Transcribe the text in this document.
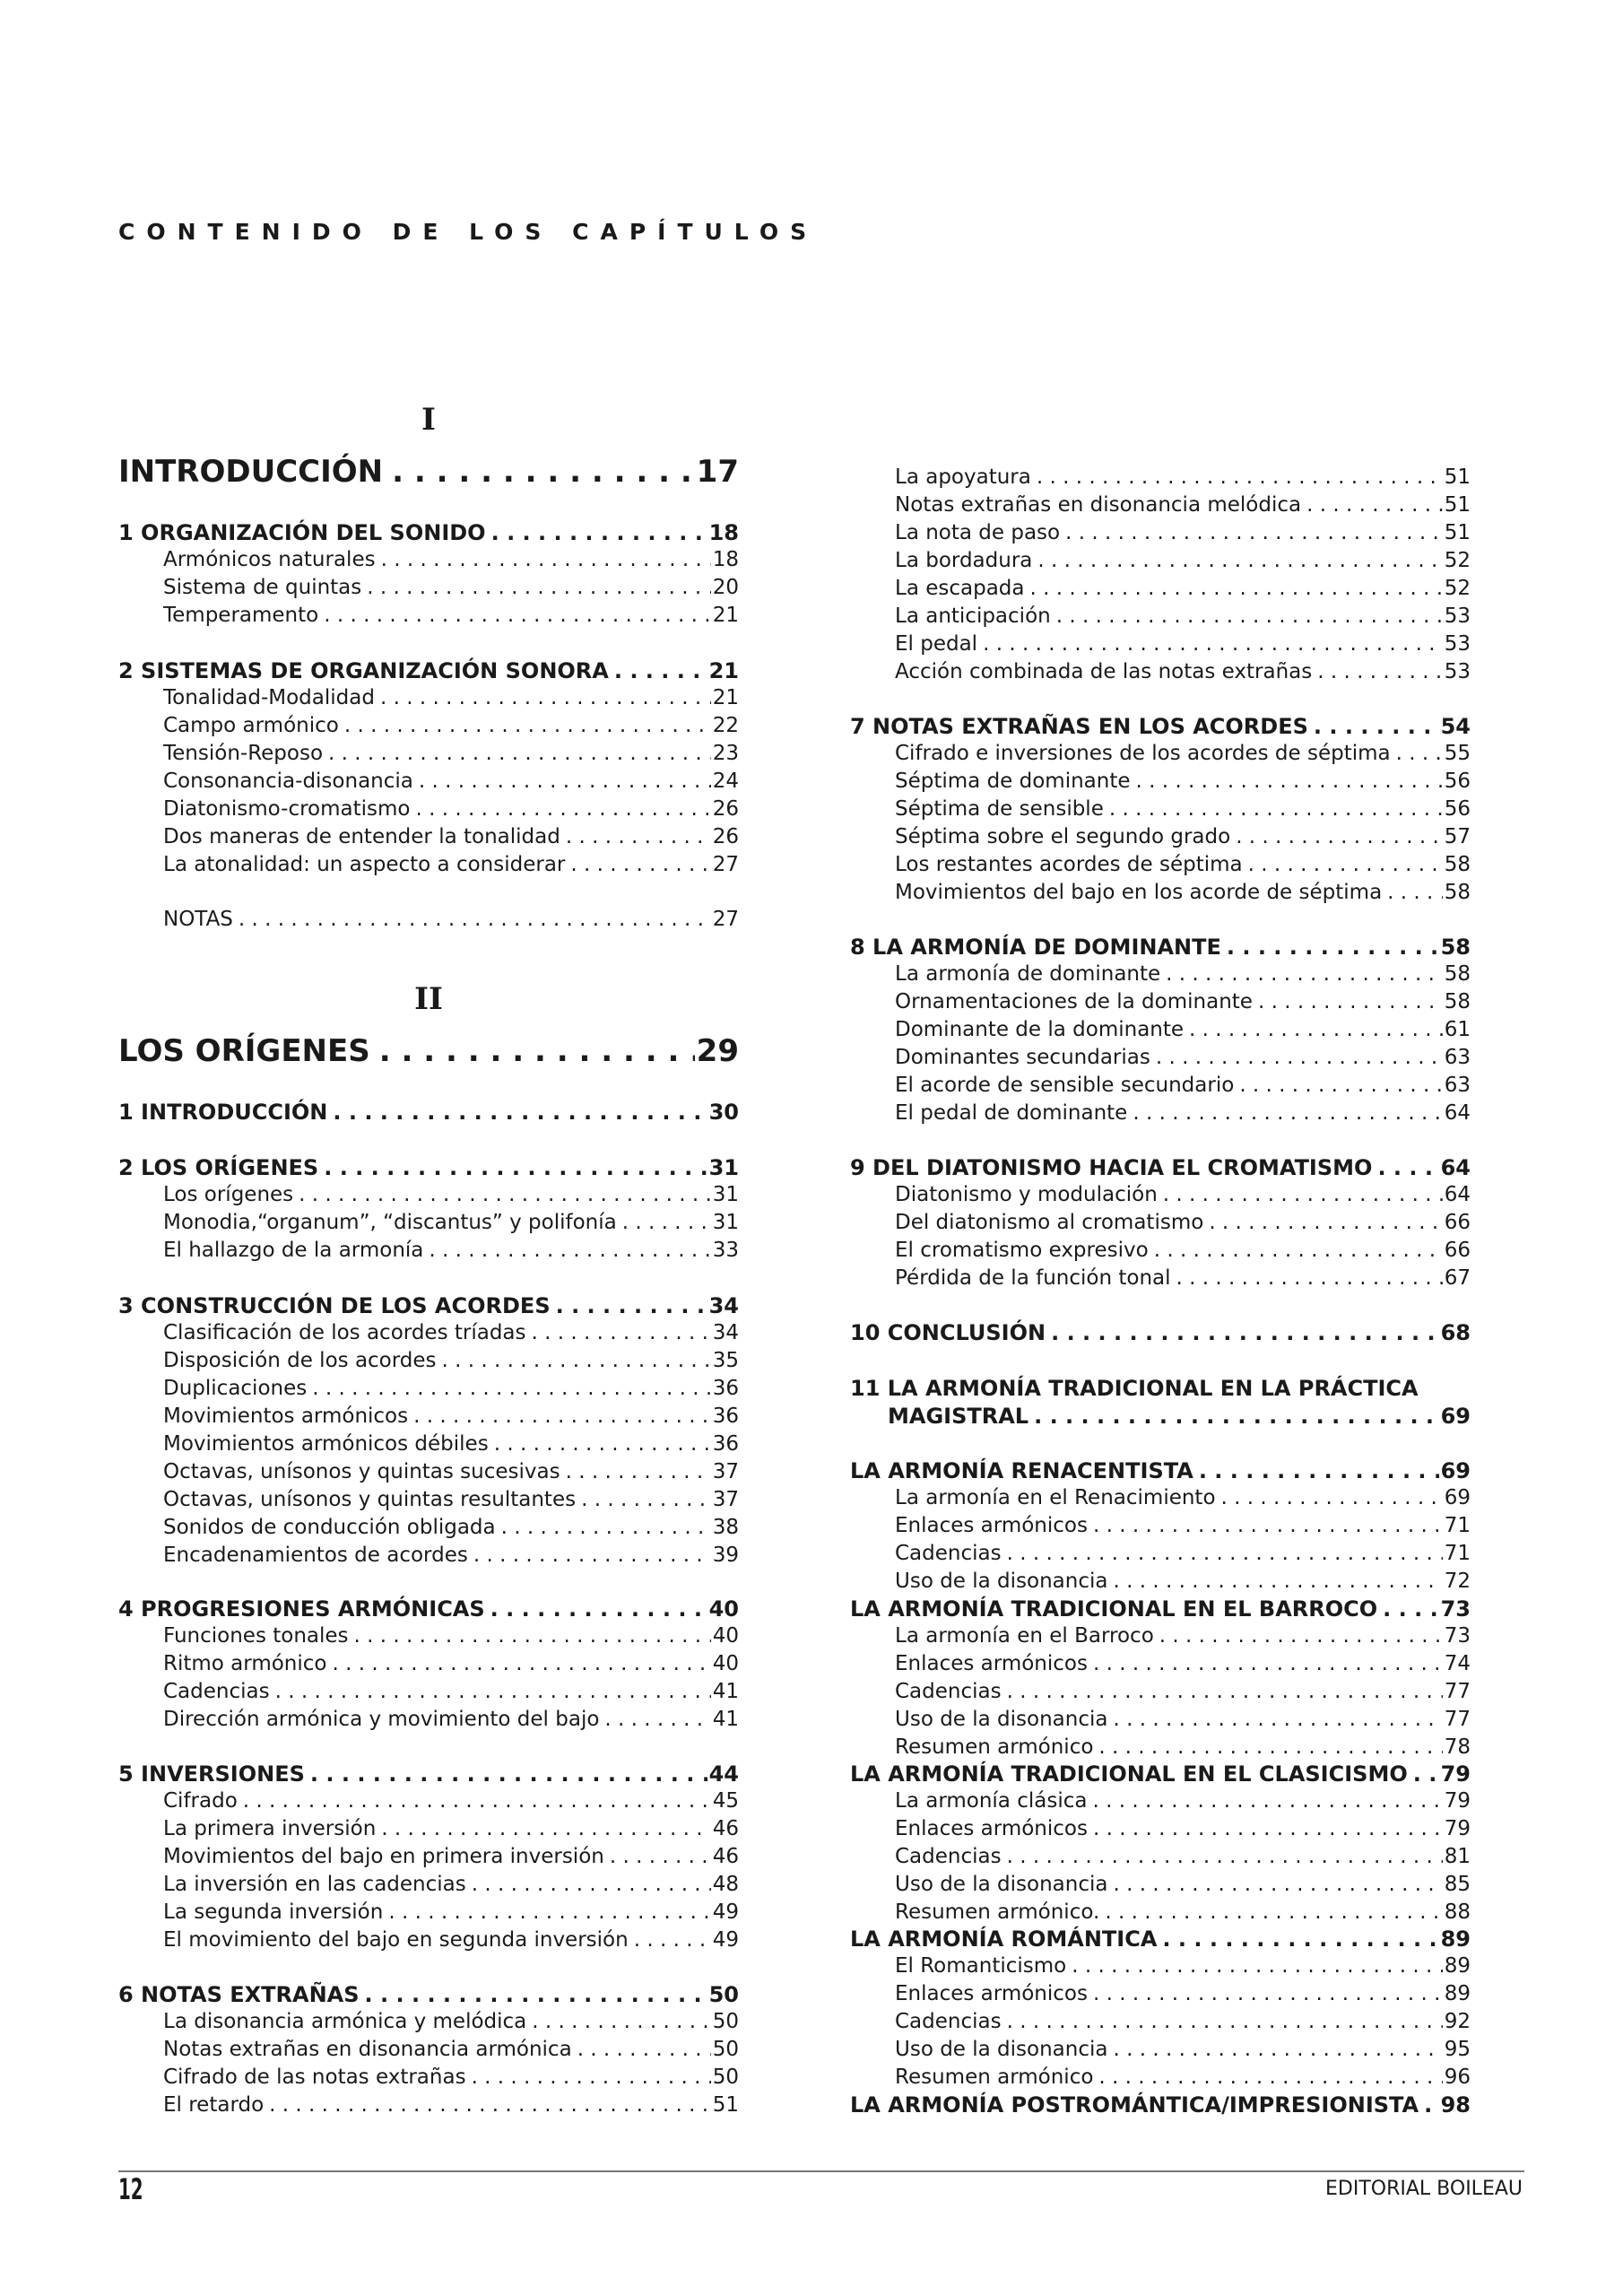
CONTENIDO DE LOS CAPÍTULOS
I
INTRODUCCIÓN . . .	17
1 ORGANIZACIÓN DEL SONIDO . . .	18
Armónicos naturales . . .	18
Sistema de quintas . . .	20
Temperamento . . .	21
2 SISTEMAS DE ORGANIZACIÓN SONORA . . .	21
Tonalidad-Modalidad . . .	21
Campo armónico . . .	22
Tensión-Reposo . . .	23
Consonancia-disonancia . . .	24
Diatonismo-cromatismo . . .	26
Dos maneras de entender la tonalidad . . .	26
La atonalidad: un aspecto a considerar . . .	27
NOTAS . . .	27
LOS ORÍGENES . . .	29
1 INTRODUCCIÓN . . .	30
2 LOS ORÍGENES . . .	31
Los orígenes . . .	31
Monodia,“organum”, “discantus” y polifonía . . .	31
El hallazgo de la armonía . . .	33
3 CONSTRUCCIÓN DE LOS ACORDES . . .	34
Clasificación de los acordes tríadas . . .	34
Disposición de los acordes . . .	35
Duplicaciones . . .	36
Movimientos armónicos . . .	36
Movimientos armónicos débiles . . .	36
Octavas, unísonos y quintas sucesivas . . .	37
Octavas, unísonos y quintas resultantes . . .	37
Sonidos de conducción obligada . . .	38
Encadenamientos de acordes . . .	39
4 PROGRESIONES ARMÓNICAS . . .	40
Funciones tonales . . .	40
Ritmo armónico . . .	40
Cadencias . . .	41
Dirección armónica y movimiento del bajo . . .	41
5 INVERSIONES . . .	44
Cifrado . . .	45
La primera inversión . . .	46
Movimientos del bajo en primera inversión . . .	46
La inversión en las cadencias . . .	48
La segunda inversión . . .	49
El movimiento del bajo en segunda inversión . . .	49
6 NOTAS EXTRAÑAS . . .	50
La disonancia armónica y melódica . . .	50
Notas extrañas en disonancia armónica . . .	50
Cifrado de las notas extrañas . . .	50
El retardo . . .	51
II
La apoyatura . . .	51
Notas extrañas en disonancia melódica . . .	51
La nota de paso . . .	51
La bordadura . . .	52
La escapada . . .	52
La anticipación . . .	53
El pedal . . .	53
Acción combinada de las notas extrañas . . .	53
7 NOTAS EXTRAÑAS EN LOS ACORDES . . .	54
Cifrado e inversiones de los acordes de séptima . . .	55
Séptima de dominante . . .	56
Séptima de sensible . . .	56
Séptima sobre el segundo grado . . .	57
Los restantes acordes de séptima . . .	58
Movimientos del bajo en los acorde de séptima . . .	58
8 LA ARMONÍA DE DOMINANTE . . .	58
La armonía de dominante . . .	58
Ornamentaciones de la dominante . . .	58
Dominante de la dominante . . .	61
Dominantes secundarias . . .	63
El acorde de sensible secundario . . .	63
El pedal de dominante . . .	64
9 DEL DIATONISMO HACIA EL CROMATISMO . . .	64
Diatonismo y modulación . . .	64
Del diatonismo al cromatismo . . .	66
El cromatismo expresivo . . .	66
Pérdida de la función tonal . . .	67
10 CONCLUSIÓN . . .	68
11 LA ARMONÍA TRADICIONAL EN LA PRÁCTICA
MAGISTRAL . . .	69
LA ARMONÍA RENACENTISTA . . .	69
La armonía en el Renacimiento . . .	69
Enlaces armónicos . . .	71
Cadencias . . .	71
Uso de la disonancia . . .	72
LA ARMONÍA TRADICIONAL EN EL BARROCO . . .	73
La armonía en el Barroco . . .	73
Enlaces armónicos . . .	74
Cadencias . . .	77
Uso de la disonancia . . .	77
Resumen armónico . . .	78
LA ARMONÍA TRADICIONAL EN EL CLASICISMO . . . 79
La armonía clásica . . .	79
Enlaces armónicos . . .	79
Cadencias . . .	81
Uso de la disonancia . . .	85
Resumen armónico. . . .	88
LA ARMONÍA ROMÁNTICA . . .	89
El Romanticismo . . .	89
Enlaces armónicos . . .	89
Cadencias . . .	92
Uso de la disonancia . . .	95
Resumen armónico . . .	96
LA ARMONÍA POSTROMÁNTICA/IMPRESIONISTA . . . 98
12	EDITORIAL BOILEAU
